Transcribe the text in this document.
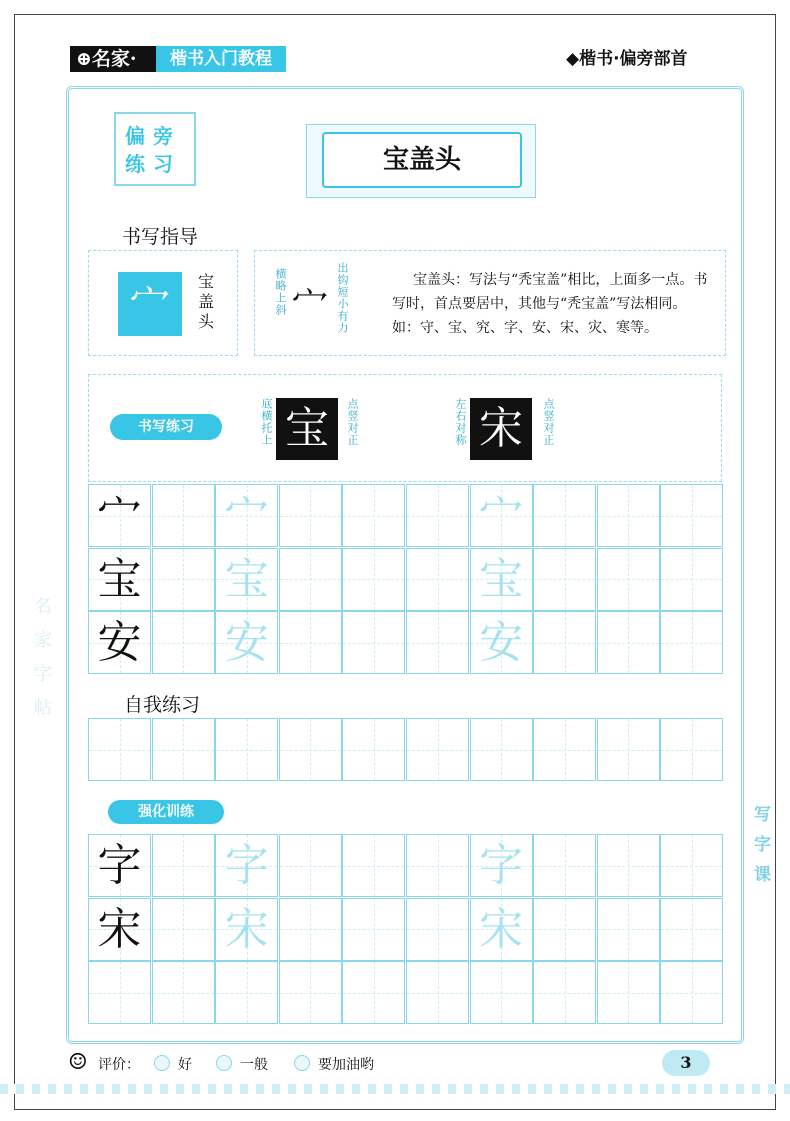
⊕名家·	楷书入门教程	◆楷书·偏旁部首
偏旁练习	宝盖头
书写指导
宀	宝盖头
横略上斜 宀 出钩短小有力	宝盖头：写法与“秃宝盖”相比，上面多一点。书写时，首点要居中，其他与“秃宝盖”写法相同。如：守、宝、究、字、安、宋、灾、寒等。
书写练习	底横托上 宝	点竖对正	左右对称 宋	点竖对正
宀 宀	宀
宝 宝	宝
安 安	安
自我练习
强化训练
字 字	字
宋 宋	宋
名家字帖
写字课
☺ 评价：	好	一般	要加油哟	3
